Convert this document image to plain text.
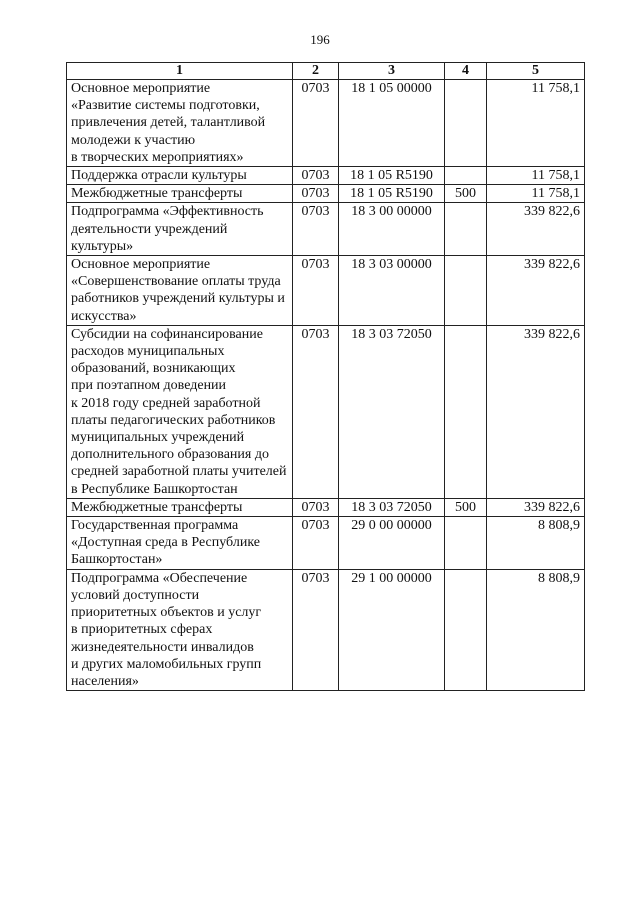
196
1	2	3	4	5
Основное мероприятие
«Развитие системы подготовки, привлечения детей, талантливой молодежи к участию
в творческих мероприятиях»	0703	18 1 05 00000		11 758,1
Поддержка отрасли культуры	0703	18 1 05 R5190		11 758,1
Межбюджетные трансферты	0703	18 1 05 R5190	500	11 758,1
Подпрограмма «Эффективность деятельности учреждений культуры»	0703	18 3 00 00000		339 822,6
Основное мероприятие
«Совершенствование оплаты труда работников учреждений культуры и искусства»	0703	18 3 03 00000		339 822,6
Субсидии на софинансирование расходов муниципальных образований, возникающих
при поэтапном доведении
к 2018 году средней заработной платы педагогических работников муниципальных учреждений дополнительного образования до средней заработной платы учителей
в Республике Башкортостан	0703	18 3 03 72050		339 822,6
Межбюджетные трансферты	0703	18 3 03 72050	500	339 822,6
Государственная программа
«Доступная среда в Республике Башкортостан»	0703	29 0 00 00000		8 808,9
Подпрограмма «Обеспечение условий доступности приоритетных объектов и услуг
в приоритетных сферах жизнедеятельности инвалидов
и других маломобильных групп населения»	0703	29 1 00 00000		8 808,9
